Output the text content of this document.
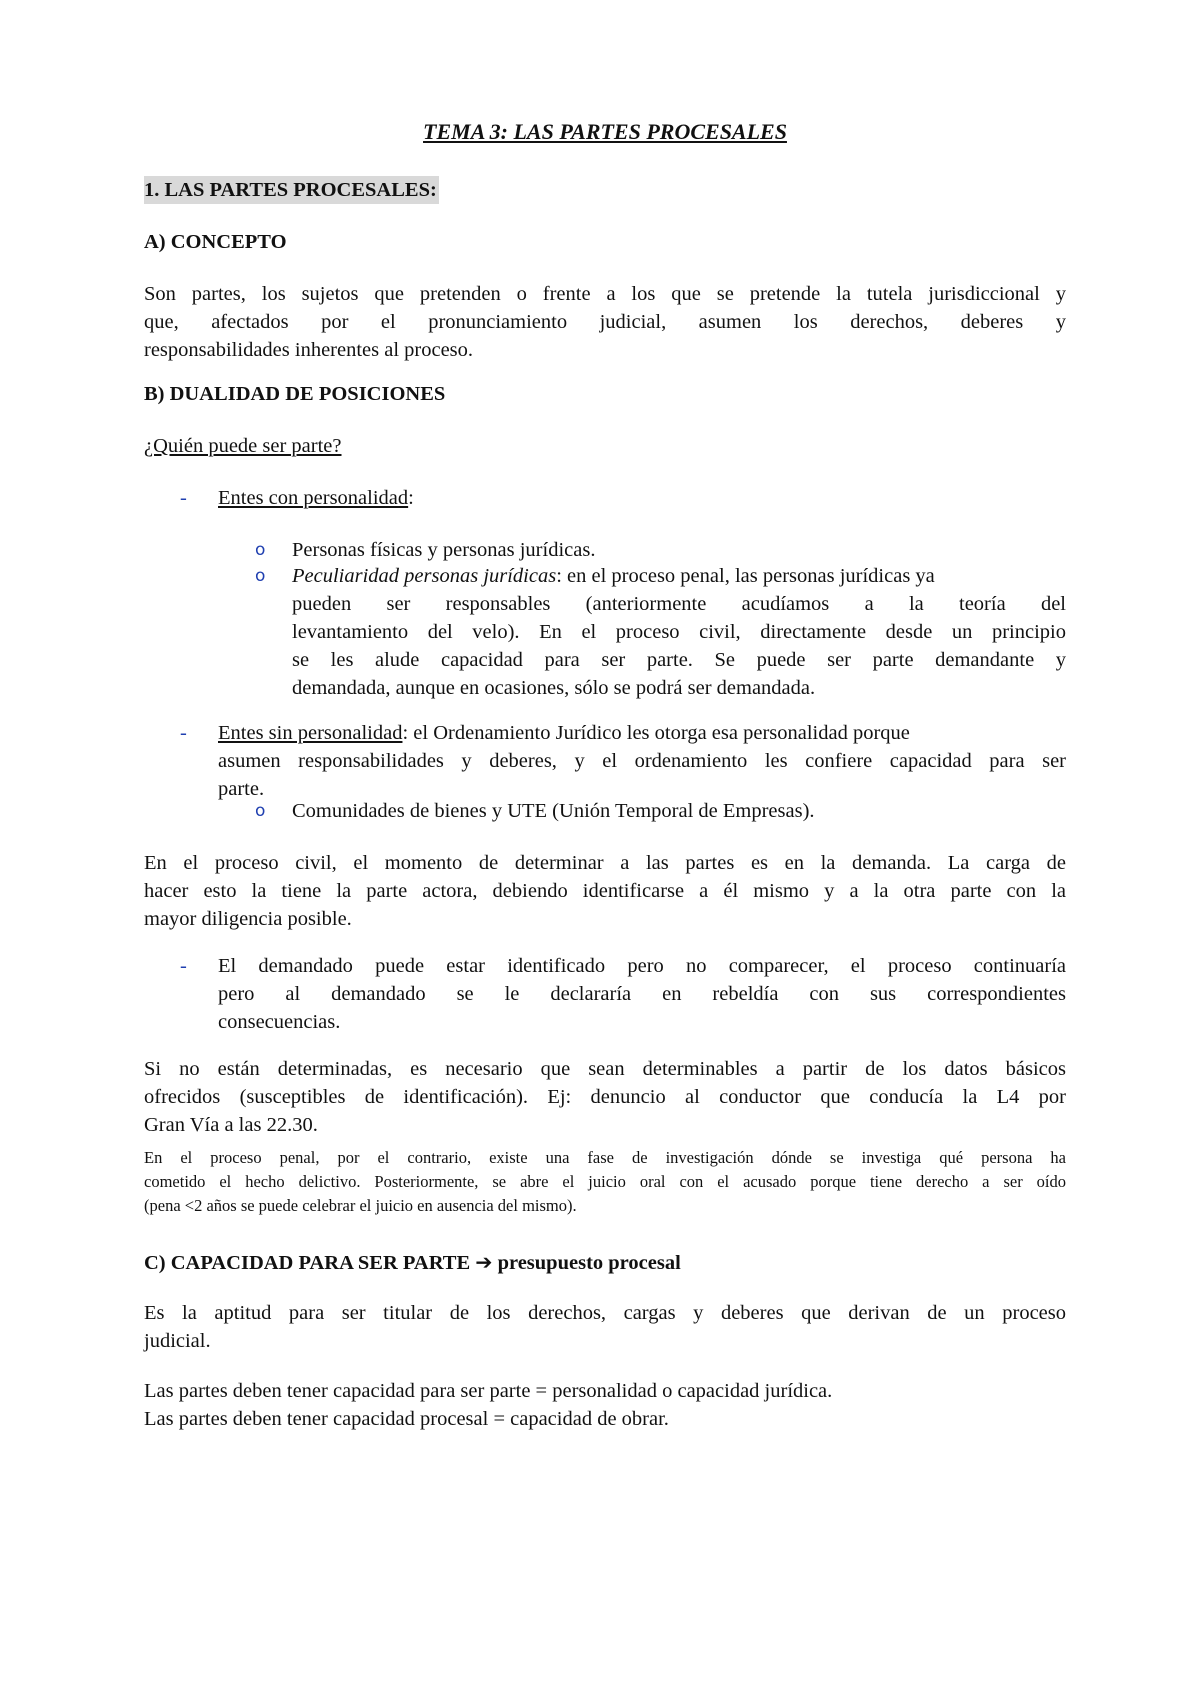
TEMA 3: LAS PARTES PROCESALES
1. LAS PARTES PROCESALES:
A) CONCEPTO
Son partes, los sujetos que pretenden o frente a los que se pretende la tutela jurisdiccional y
que, afectados por el pronunciamiento judicial, asumen los derechos, deberes y
responsabilidades inherentes al proceso.
B) DUALIDAD DE POSICIONES
¿Quién puede ser parte?
- Entes con personalidad:
o Personas físicas y personas jurídicas.
o Peculiaridad personas jurídicas: en el proceso penal, las personas jurídicas ya
pueden ser responsables (anteriormente acudíamos a la teoría del
levantamiento del velo). En el proceso civil, directamente desde un principio
se les alude capacidad para ser parte. Se puede ser parte demandante y
demandada, aunque en ocasiones, sólo se podrá ser demandada.
- Entes sin personalidad: el Ordenamiento Jurídico les otorga esa personalidad porque
asumen responsabilidades y deberes, y el ordenamiento les confiere capacidad para ser
parte.
o Comunidades de bienes y UTE (Unión Temporal de Empresas).
En el proceso civil, el momento de determinar a las partes es en la demanda. La carga de
hacer esto la tiene la parte actora, debiendo identificarse a él mismo y a la otra parte con la
mayor diligencia posible.
- El demandado puede estar identificado pero no comparecer, el proceso continuaría
pero al demandado se le declararía en rebeldía con sus correspondientes
consecuencias.
Si no están determinadas, es necesario que sean determinables a partir de los datos básicos
ofrecidos (susceptibles de identificación). Ej: denuncio al conductor que conducía la L4 por
Gran Vía a las 22.30.
En el proceso penal, por el contrario, existe una fase de investigación dónde se investiga qué persona ha
cometido el hecho delictivo. Posteriormente, se abre el juicio oral con el acusado porque tiene derecho a ser oído
(pena <2 años se puede celebrar el juicio en ausencia del mismo).
C) CAPACIDAD PARA SER PARTE ➔ presupuesto procesal
Es la aptitud para ser titular de los derechos, cargas y deberes que derivan de un proceso
judicial.
Las partes deben tener capacidad para ser parte = personalidad o capacidad jurídica.
Las partes deben tener capacidad procesal = capacidad de obrar.
